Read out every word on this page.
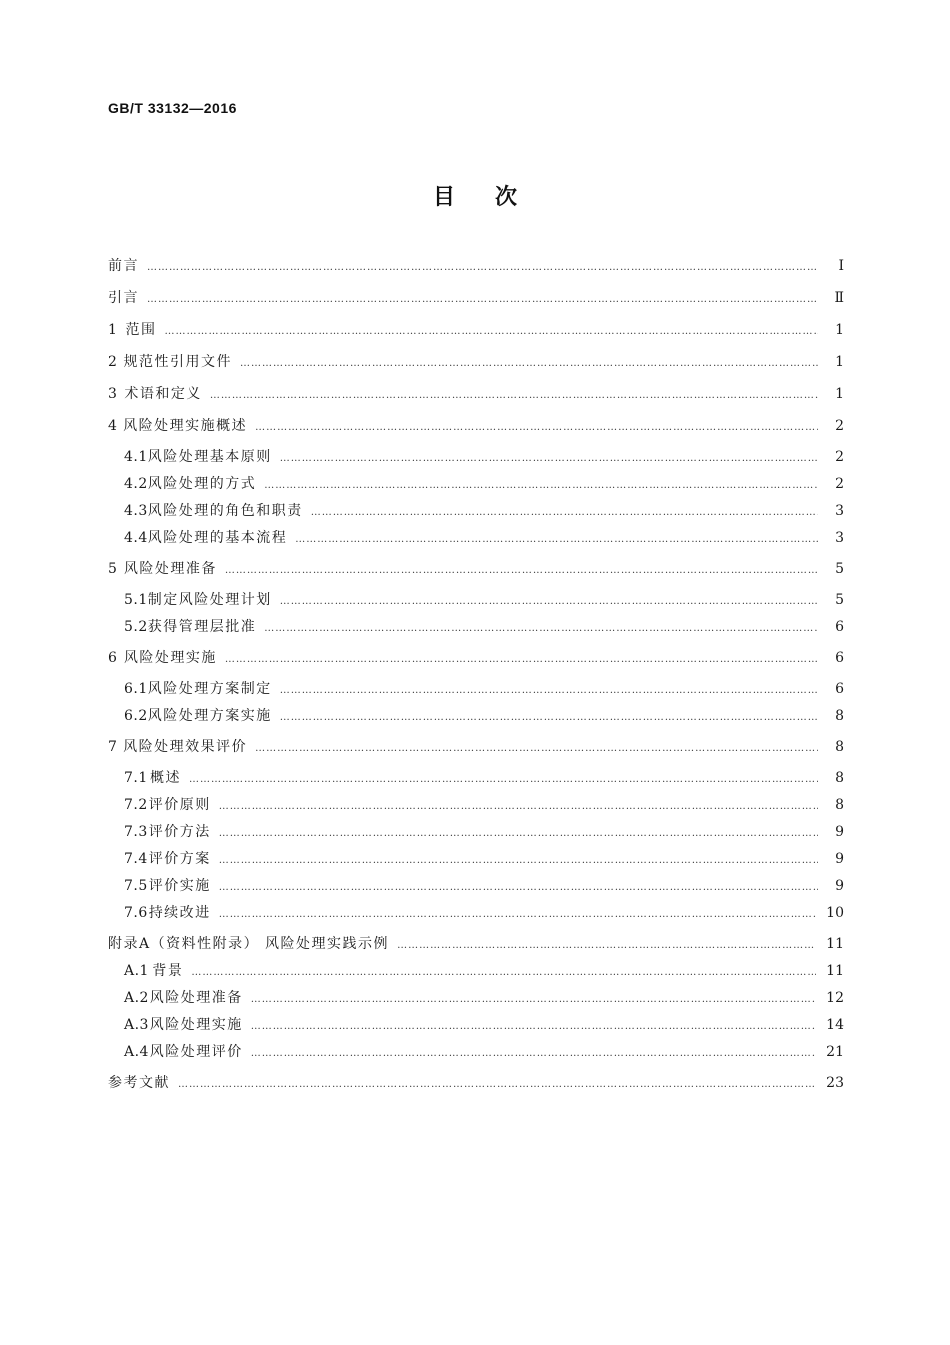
GB/T 33132—2016
目次
前言 …………………………………………………………………………………………………………………………………………………………………………………………………………………………………………	Ⅰ
引言 …………………………………………………………………………………………………………………………………………………………………………………………………………………………………………	Ⅱ
1 范围 …………………………………………………………………………………………………………………………………………………………………………………………………………………………………………	1
2 规范性引用文件 …………………………………………………………………………………………………………………………………………………………………………………………………………………………………………	1
3 术语和定义 …………………………………………………………………………………………………………………………………………………………………………………………………………………………………………	1
4 风险处理实施概述 …………………………………………………………………………………………………………………………………………………………………………………………………………………………………………	2
4.1 风险处理基本原则 …………………………………………………………………………………………………………………………………………………………………………………………………………………………………………	2
4.2 风险处理的方式 …………………………………………………………………………………………………………………………………………………………………………………………………………………………………………	2
4.3 风险处理的角色和职责 …………………………………………………………………………………………………………………………………………………………………………………………………………………………………………	3
4.4 风险处理的基本流程 …………………………………………………………………………………………………………………………………………………………………………………………………………………………………………	3
5 风险处理准备 …………………………………………………………………………………………………………………………………………………………………………………………………………………………………………	5
5.1 制定风险处理计划 …………………………………………………………………………………………………………………………………………………………………………………………………………………………………………	5
5.2 获得管理层批准 …………………………………………………………………………………………………………………………………………………………………………………………………………………………………………	6
6 风险处理实施 …………………………………………………………………………………………………………………………………………………………………………………………………………………………………………	6
6.1 风险处理方案制定 …………………………………………………………………………………………………………………………………………………………………………………………………………………………………………	6
6.2 风险处理方案实施 …………………………………………………………………………………………………………………………………………………………………………………………………………………………………………	8
7 风险处理效果评价 …………………………………………………………………………………………………………………………………………………………………………………………………………………………………………	8
7.1 概述 …………………………………………………………………………………………………………………………………………………………………………………………………………………………………………	8
7.2 评价原则 …………………………………………………………………………………………………………………………………………………………………………………………………………………………………………	8
7.3 评价方法 …………………………………………………………………………………………………………………………………………………………………………………………………………………………………………	9
7.4 评价方案 …………………………………………………………………………………………………………………………………………………………………………………………………………………………………………	9
7.5 评价实施 …………………………………………………………………………………………………………………………………………………………………………………………………………………………………………	9
7.6 持续改进 …………………………………………………………………………………………………………………………………………………………………………………………………………………………………………	10
附录A（资料性附录） 风险处理实践示例 …………………………………………………………………………………………………………………………………………………………………………………………………………………………………………	11
A.1 背景 …………………………………………………………………………………………………………………………………………………………………………………………………………………………………………	11
A.2 风险处理准备 …………………………………………………………………………………………………………………………………………………………………………………………………………………………………………	12
A.3 风险处理实施 …………………………………………………………………………………………………………………………………………………………………………………………………………………………………………	14
A.4 风险处理评价 …………………………………………………………………………………………………………………………………………………………………………………………………………………………………………	21
参考文献 …………………………………………………………………………………………………………………………………………………………………………………………………………………………………………	23
